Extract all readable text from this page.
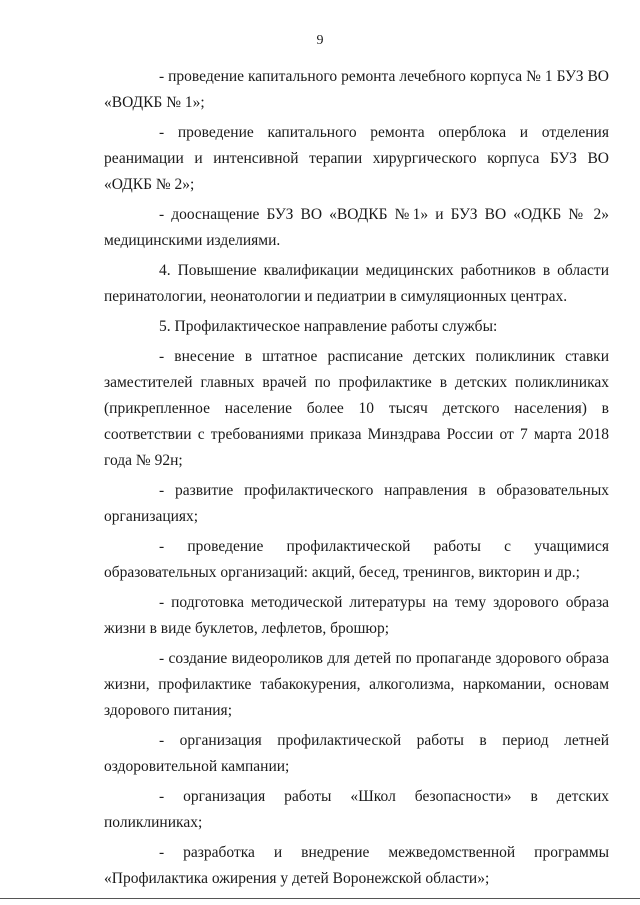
9

- проведение капитального ремонта лечебного корпуса № 1 БУЗ ВО «ВОДКБ № 1»;

- проведение капитального ремонта оперблока и отделения реанимации и интенсивной терапии хирургического корпуса БУЗ ВО «ОДКБ № 2»;

- дооснащение БУЗ ВО «ВОДКБ №1» и БУЗ ВО «ОДКБ № 2» медицинскими изделиями.

4. Повышение квалификации медицинских работников в области перинатологии, неонатологии и педиатрии в симуляционных центрах.

5. Профилактическое направление работы службы:

- внесение в штатное расписание детских поликлиник ставки заместителей главных врачей по профилактике в детских поликлиниках (прикрепленное население более 10 тысяч детского населения) в соответствии с требованиями приказа Минздрава России от 7 марта 2018 года № 92н;

- развитие профилактического направления в образовательных организациях;

- проведение профилактической работы с учащимися образовательных организаций: акций, бесед, тренингов, викторин и др.;

- подготовка методической литературы на тему здорового образа жизни в виде буклетов, лефлетов, брошюр;

- создание видеороликов для детей по пропаганде здорового образа жизни, профилактике табакокурения, алкоголизма, наркомании, основам здорового питания;

- организация профилактической работы в период летней оздоровительной кампании;

- организация работы «Школ безопасности» в детских поликлиниках;

- разработка и внедрение межведомственной программы «Профилактика ожирения у детей Воронежской области»;
